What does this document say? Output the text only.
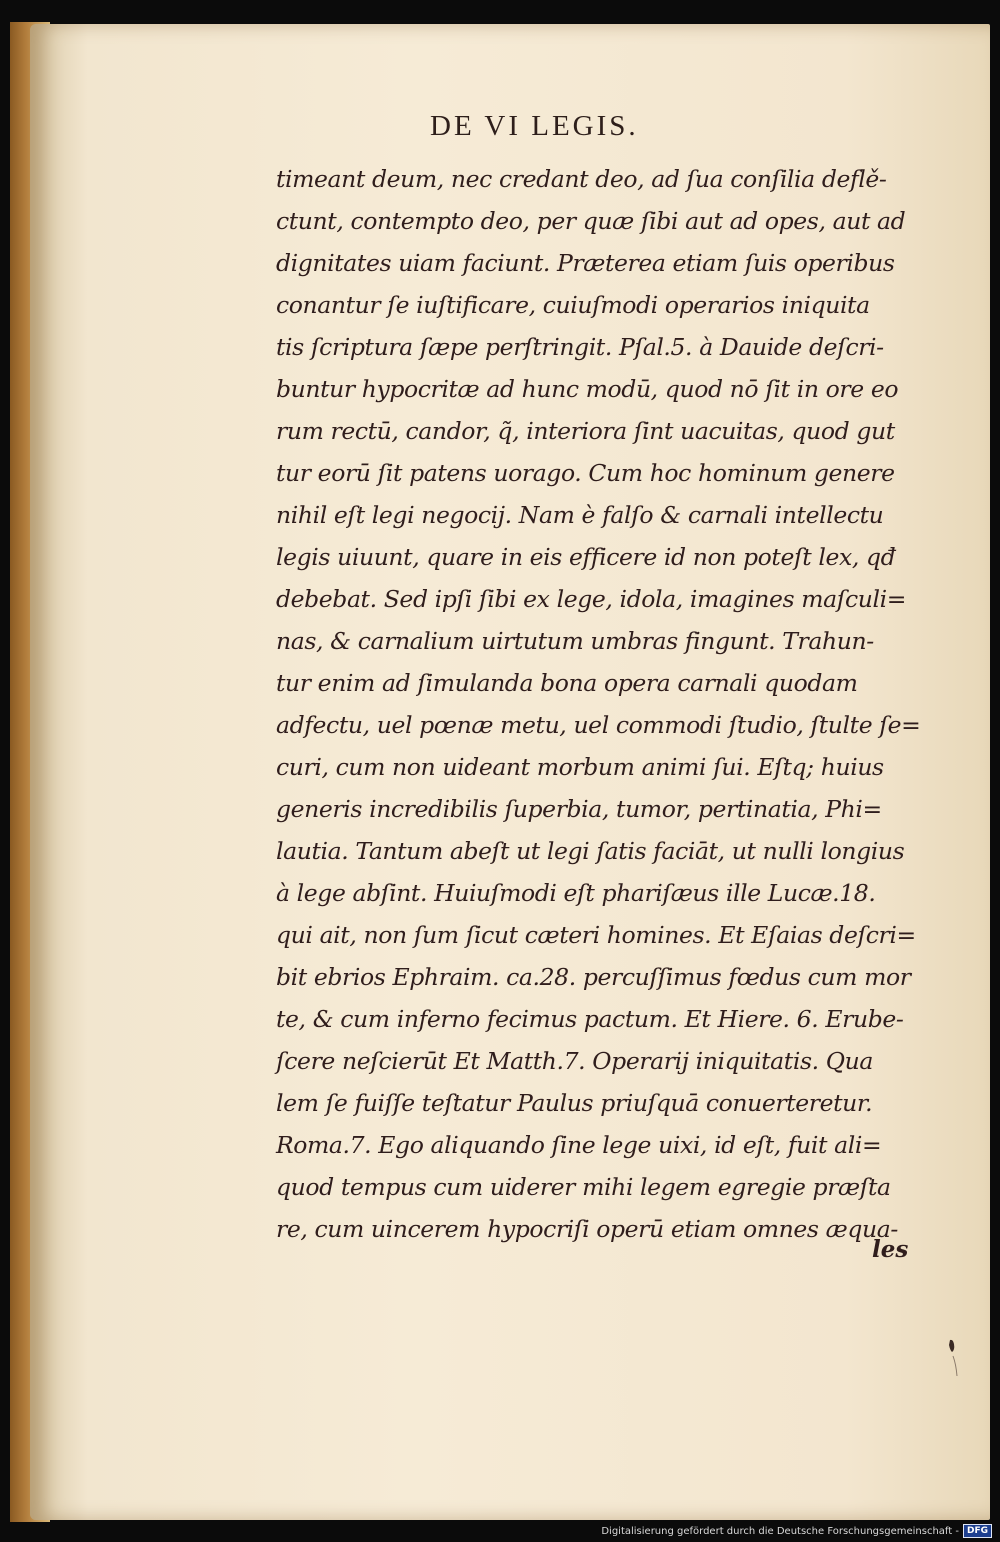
DE VI LEGIS.
timeant deum, nec credant deo, ad ſua conſilia deflě-
ctunt, contempto deo, per quæ ſibi aut ad opes, aut ad
dignitates uiam faciunt. Præterea etiam ſuis operibus
conantur ſe iuſtificare, cuiuſmodi operarios iniquita
tis ſcriptura ſæpe perſtringit. Pſal.5. à Dauide deſcri-
buntur hypocritæ ad hunc modū, quod nō ſit in ore eo
rum rectū, candor, q̃, interiora ſint uacuitas, quod gut
tur eorū ſit patens uorago. Cum hoc hominum genere
nihil eſt legi negocij. Nam è falſo & carnali intellectu
legis uiuunt, quare in eis efficere id non poteſt lex, qđ
debebat. Sed ipſi ſibi ex lege, idola, imagines maſculi=
nas, & carnalium uirtutum umbras fingunt. Trahun-
tur enim ad ſimulanda bona opera carnali quodam
adfectu, uel pœnæ metu, uel commodi ſtudio, ſtulte ſe=
curi, cum non uideant morbum animi ſui. Eſtq; huius
generis incredibilis ſuperbia, tumor, pertinatia, Phi=
lautia. Tantum abeſt ut legi ſatis faciāt, ut nulli longius
à lege abſint. Huiuſmodi eſt phariſæus ille Lucæ.18.
qui ait, non ſum ſicut cæteri homines. Et Eſaias deſcri=
bit ebrios Ephraim. ca.28. percuſſimus fœdus cum mor
te, & cum inferno fecimus pactum. Et Hiere. 6. Erube-
ſcere neſcierūt Et Matth.7. Operarij iniquitatis. Qua
lem ſe fuiſſe teſtatur Paulus priuſquā conuerteretur.
Roma.7. Ego aliquando ſine lege uixi, id eſt, fuit ali=
quod tempus cum uiderer mihi legem egregie præſta
re, cum uincerem hypocriſi operū etiam omnes æqua-
les
Digitalisierung gefördert durch die Deutsche Forschungsgemeinschaft - DFG
